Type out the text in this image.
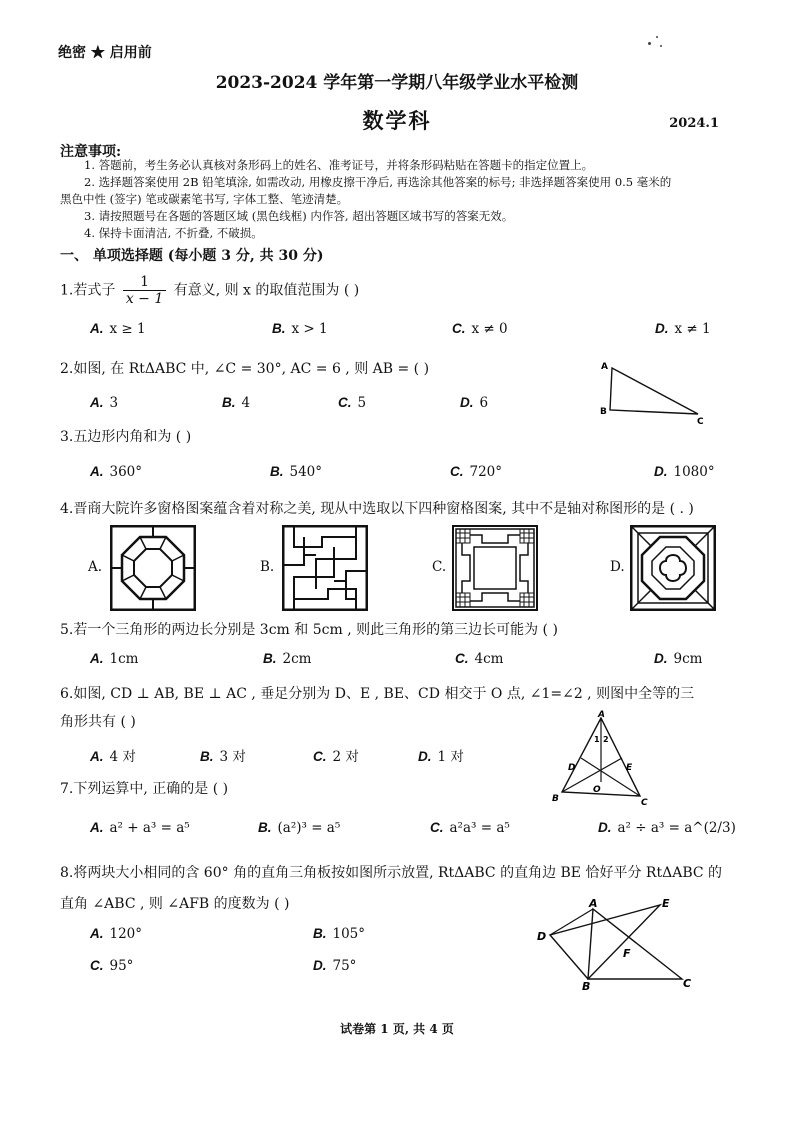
绝密 ★ 启用前
2023-2024 学年第一学期八年级学业水平检测
数学科	2024.1
注意事项:
1. 答题前，考生务必认真核对条形码上的姓名、准考证号，并将条形码粘贴在答题卡的指定位置上。
2. 选择题答案使用 2B 铅笔填涂, 如需改动, 用橡皮擦干净后, 再选涂其他答案的标号; 非选择题答案使用 0.5 毫米的
黑色中性 (签字) 笔或碳素笔书写, 字体工整、笔迹清楚。
3. 请按照题号在各题的答题区域 (黑色线框) 内作答, 超出答题区域书写的答案无效。
4. 保持卡面清洁, 不折叠, 不破损。
一、 单项选择题 (每小题 3 分, 共 30 分)
1.若式子 $\frac{1}{x - 1}$ 有意义, 则 x 的取值范围为 ( )
A. x ≥ 1	B. x > 1	C. x ≠ 0	D. x ≠ 1
2.如图, 在 RtΔABC 中, ∠C = 30°, AC = 6 , 则 AB = ( )
A. 3	B. 4	C. 5	D. 6
A
B
C
3.五边形内角和为 ( )
A. 360°	B. 540°	C. 720°	D. 1080°
4.晋商大院许多窗格图案蕴含着对称之美, 现从中选取以下四种窗格图案, 其中不是轴对称图形的是 ( . )
A.	B.	C.	D.
5.若一个三角形的两边长分别是 3cm 和 5cm , 则此三角形的第三边长可能为 ( )
A. 1cm	B. 2cm	C. 4cm	D. 9cm
6.如图, CD ⊥ AB, BE ⊥ AC , 垂足分别为 D、E , BE、CD 相交于 O 点, ∠1=∠2 , 则图中全等的三
角形共有 ( )
A. 4 对	B. 3 对	C. 2 对	D. 1 对
A
B	C
D	E
O
1 2
7.下列运算中, 正确的是 ( )
A. a² + a³ = a⁵	B. (a²)³ = a⁵	C. a²a³ = a⁵	D. a² ÷ a³ = a^(2/3)
8.将两块大小相同的含 60° 角的直角三角板按如图所示放置, RtΔABC 的直角边 BE 恰好平分 RtΔABC 的
直角 ∠ABC , 则 ∠AFB 的度数为 ( )
A. 120°	B. 105°
C. 95°	D. 75°
A
B	C
D
E
F
试卷第 1 页, 共 4 页
